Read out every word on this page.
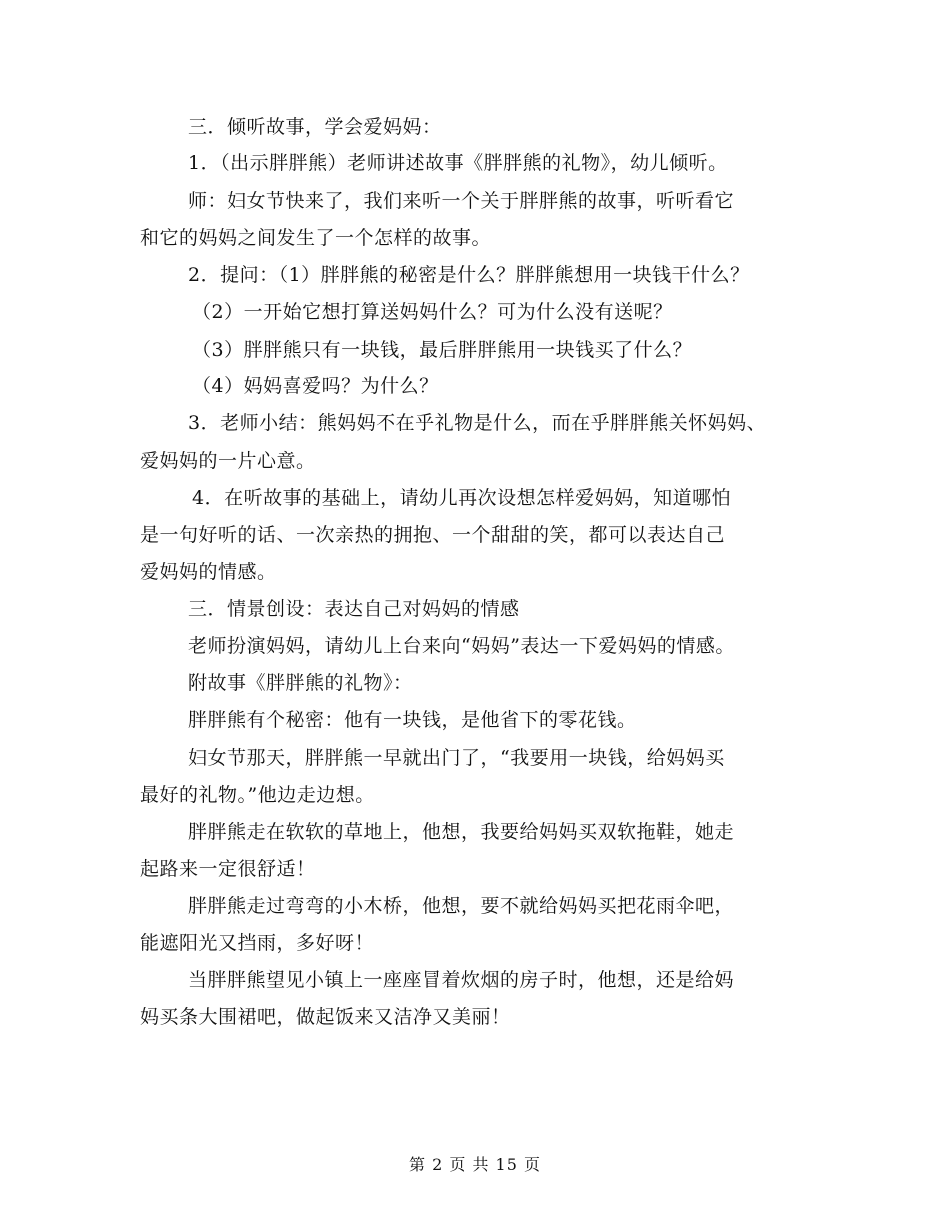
三．倾听故事，学会爱妈妈：
1．（出示胖胖熊）老师讲述故事《胖胖熊的礼物》，幼儿倾听。
师：妇女节快来了，我们来听一个关于胖胖熊的故事，听听看它
和它的妈妈之间发生了一个怎样的故事。
2．提问：（1）胖胖熊的秘密是什么？胖胖熊想用一块钱干什么？
（2）一开始它想打算送妈妈什么？可为什么没有送呢？
（3）胖胖熊只有一块钱，最后胖胖熊用一块钱买了什么？
（4）妈妈喜爱吗？为什么？
3．老师小结：熊妈妈不在乎礼物是什么，而在乎胖胖熊关怀妈妈、
爱妈妈的一片心意。
4．在听故事的基础上，请幼儿再次设想怎样爱妈妈，知道哪怕
是一句好听的话、一次亲热的拥抱、一个甜甜的笑，都可以表达自己
爱妈妈的情感。
三．情景创设：表达自己对妈妈的情感
老师扮演妈妈，请幼儿上台来向“妈妈”表达一下爱妈妈的情感。
附故事《胖胖熊的礼物》：
胖胖熊有个秘密：他有一块钱，是他省下的零花钱。
妇女节那天，胖胖熊一早就出门了，“我要用一块钱，给妈妈买
最好的礼物。”他边走边想。
胖胖熊走在软软的草地上，他想，我要给妈妈买双软拖鞋，她走
起路来一定很舒适！
胖胖熊走过弯弯的小木桥，他想，要不就给妈妈买把花雨伞吧，
能遮阳光又挡雨，多好呀！
当胖胖熊望见小镇上一座座冒着炊烟的房子时，他想，还是给妈
妈买条大围裙吧，做起饭来又洁净又美丽！
第 2 页 共 15 页
